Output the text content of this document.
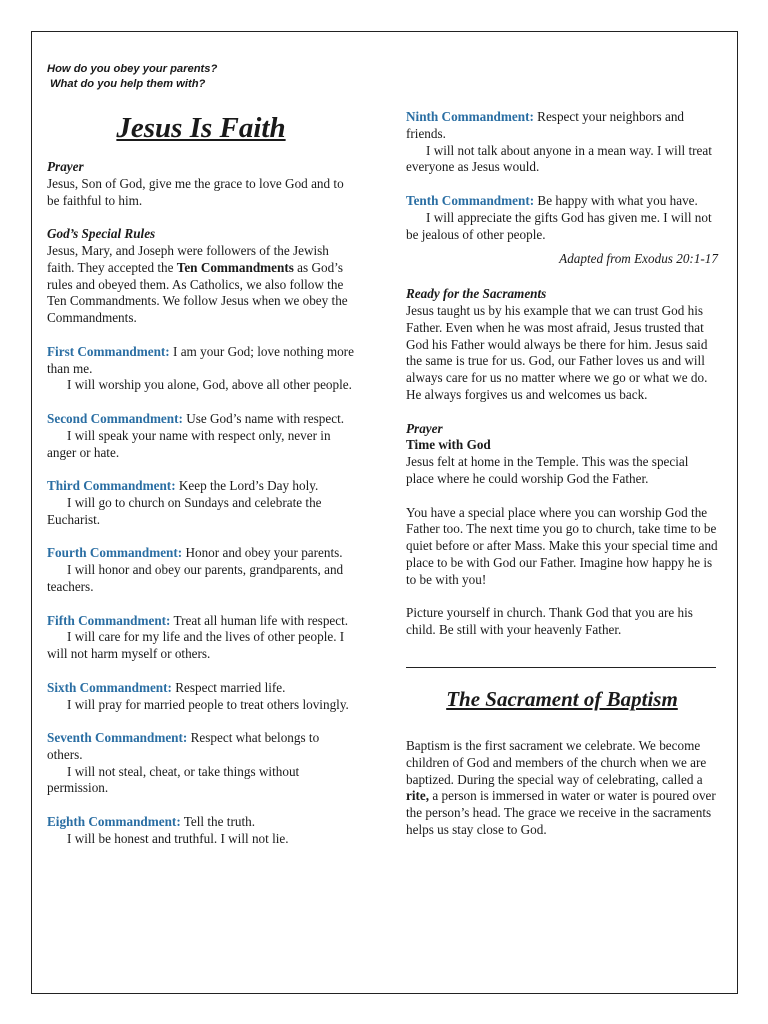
How do you obey your parents?
What do you help them with?
Jesus Is Faith

Prayer
Jesus, Son of God, give me the grace to love God and to be faithful to him.

God’s Special Rules
Jesus, Mary, and Joseph were followers of the Jewish faith. They accepted the Ten Commandments as God’s rules and obeyed them. As Catholics, we also follow the Ten Commandments. We follow Jesus when we obey the Commandments.

First Commandment: I am your God; love nothing more than me.
I will worship you alone, God, above all other people.

Second Commandment: Use God’s name with respect.
I will speak your name with respect only, never in anger or hate.

Third Commandment: Keep the Lord’s Day holy.
I will go to church on Sundays and celebrate the Eucharist.

Fourth Commandment: Honor and obey your parents.
I will honor and obey our parents, grandparents, and teachers.

Fifth Commandment: Treat all human life with respect.
I will care for my life and the lives of other people. I will not harm myself or others.

Sixth Commandment: Respect married life.
I will pray for married people to treat others lovingly.

Seventh Commandment: Respect what belongs to others.
I will not steal, cheat, or take things without permission.

Eighth Commandment: Tell the truth.
I will be honest and truthful. I will not lie.

Ninth Commandment: Respect your neighbors and friends.
I will not talk about anyone in a mean way. I will treat everyone as Jesus would.

Tenth Commandment: Be happy with what you have.
I will appreciate the gifts God has given me. I will not be jealous of other people.

Adapted from Exodus 20:1-17

Ready for the Sacraments
Jesus taught us by his example that we can trust God his Father. Even when he was most afraid, Jesus trusted that God his Father would always be there for him. Jesus said the same is true for us. God, our Father loves us and will always care for us no matter where we go or what we do. He always forgives us and welcomes us back.

Prayer
Time with God
Jesus felt at home in the Temple. This was the special place where he could worship God the Father.

You have a special place where you can worship God the Father too. The next time you go to church, take time to be quiet before or after Mass. Make this your special time and place to be with God our Father. Imagine how happy he is to be with you!

Picture yourself in church. Thank God that you are his child. Be still with your heavenly Father.

The Sacrament of Baptism

Baptism is the first sacrament we celebrate. We become children of God and members of the church when we are baptized. During the special way of celebrating, called a rite, a person is immersed in water or water is poured over the person’s head. The grace we receive in the sacraments helps us stay close to God.
